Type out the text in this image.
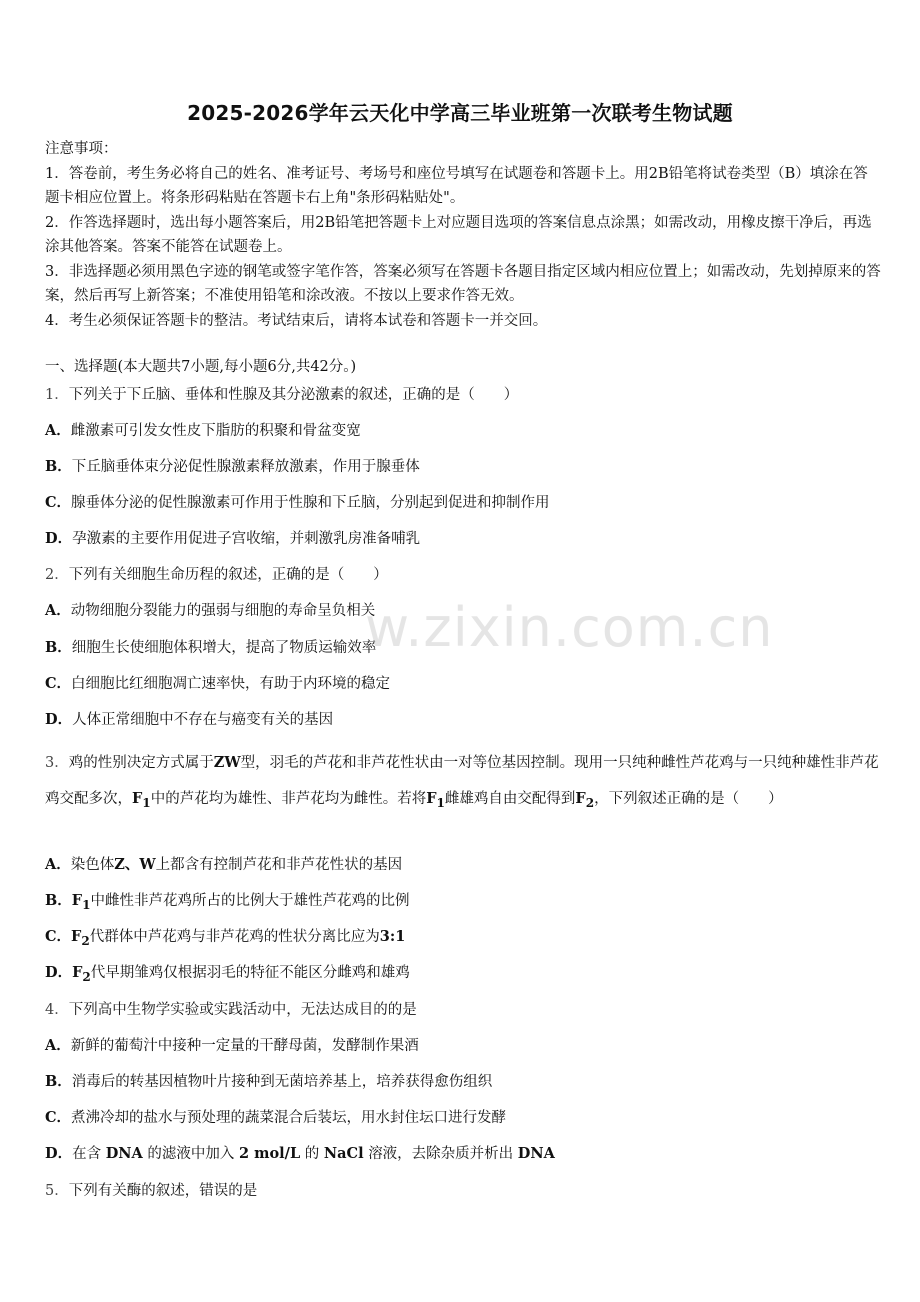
2025-2026学年云天化中学高三毕业班第一次联考生物试题

注意事项：

1．答卷前，考生务必将自己的姓名、准考证号、考场号和座位号填写在试题卷和答题卡上。用2B铅笔将试卷类型（B）填涂在答题卡相应位置上。将条形码粘贴在答题卡右上角"条形码粘贴处"。

2．作答选择题时，选出每小题答案后，用2B铅笔把答题卡上对应题目选项的答案信息点涂黑；如需改动，用橡皮擦干净后，再选涂其他答案。答案不能答在试题卷上。

3．非选择题必须用黑色字迹的钢笔或签字笔作答，答案必须写在答题卡各题目指定区域内相应位置上；如需改动，先划掉原来的答案，然后再写上新答案；不准使用铅笔和涂改液。不按以上要求作答无效。

4．考生必须保证答题卡的整洁。考试结束后，请将本试卷和答题卡一并交回。

一、选择题(本大题共7小题,每小题6分,共42分。)
1．下列关于下丘脑、垂体和性腺及其分泌激素的叙述，正确的是（　　）
A．雌激素可引发女性皮下脂肪的积聚和骨盆变宽
B．下丘脑垂体束分泌促性腺激素释放激素，作用于腺垂体
C．腺垂体分泌的促性腺激素可作用于性腺和下丘脑，分别起到促进和抑制作用
D．孕激素的主要作用促进子宫收缩，并刺激乳房准备哺乳
2．下列有关细胞生命历程的叙述，正确的是（　　）
A．动物细胞分裂能力的强弱与细胞的寿命呈负相关
B．细胞生长使细胞体积增大，提高了物质运输效率
C．白细胞比红细胞凋亡速率快，有助于内环境的稳定
D．人体正常细胞中不存在与癌变有关的基因
3．鸡的性别决定方式属于ZW型，羽毛的芦花和非芦花性状由一对等位基因控制。现用一只纯种雌性芦花鸡与一只纯种雄性非芦花鸡交配多次，$F_1$中的芦花均为雄性、非芦花均为雌性。若将$F_1$雌雄鸡自由交配得到$F_2$，下列叙述正确的是（　　）
A．染色体Z、W上都含有控制芦花和非芦花性状的基因
B．$F_1$中雌性非芦花鸡所占的比例大于雄性芦花鸡的比例
C．$F_2$代群体中芦花鸡与非芦花鸡的性状分离比应为3:1
D．$F_2$代早期雏鸡仅根据羽毛的特征不能区分雌鸡和雄鸡
4．下列高中生物学实验或实践活动中，无法达成目的的是
A．新鲜的葡萄汁中接种一定量的干酵母菌，发酵制作果酒
B．消毒后的转基因植物叶片接种到无菌培养基上，培养获得愈伤组织
C．煮沸冷却的盐水与预处理的蔬菜混合后装坛，用水封住坛口进行发酵
D．在含 DNA 的滤液中加入 2 mol/L 的 NaCl 溶液，去除杂质并析出 DNA
5．下列有关酶的叙述，错误的是
w.zixin.com.cn
